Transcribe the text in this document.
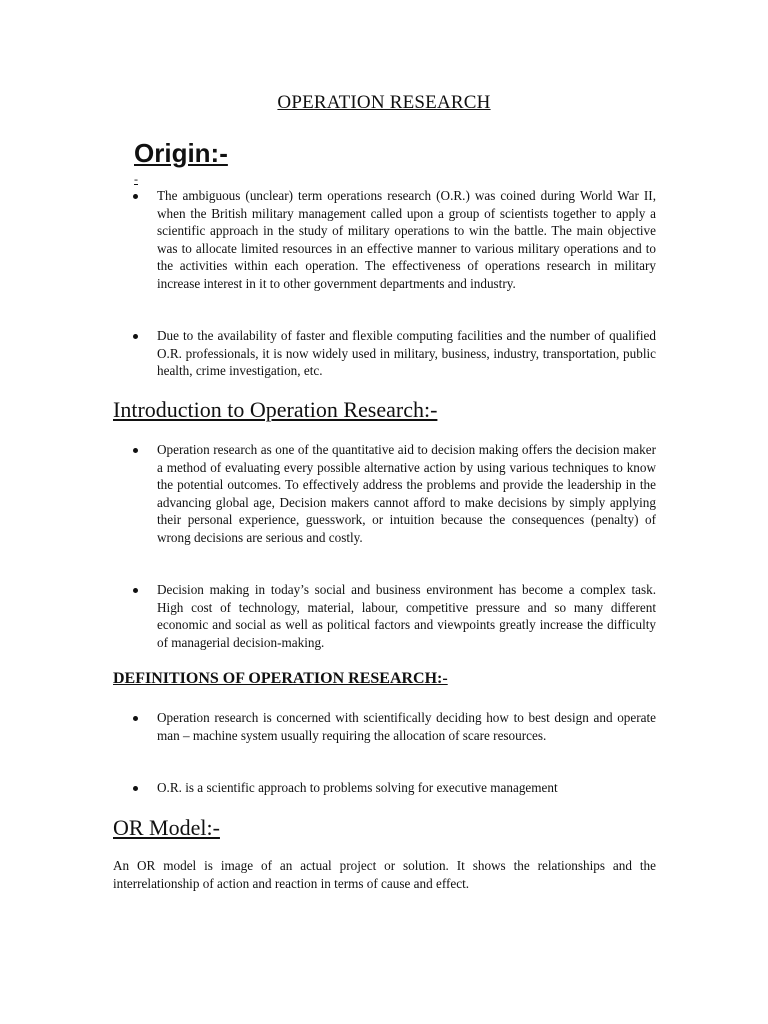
OPERATION RESEARCH
Origin:-
-
The ambiguous (unclear) term operations research (O.R.) was coined during World War II, when the British military management called upon a group of scientists together to apply a scientific approach in the study of military operations to win the battle. The main objective was to allocate limited resources in an effective manner to various military operations and to the activities within each operation. The effectiveness of operations research in military increase interest in it to other government departments and industry.
Due to the availability of faster and flexible computing facilities and the number of qualified O.R. professionals, it is now widely used in military, business, industry, transportation, public health, crime investigation, etc.
Introduction to Operation Research:-
Operation research as one of the quantitative aid to decision making offers the decision maker a method of evaluating every possible alternative action by using various techniques to know the potential outcomes. To effectively address the problems and provide the leadership in the advancing global age, Decision makers cannot afford to make decisions by simply applying their personal experience, guesswork, or intuition because the consequences (penalty) of wrong decisions are serious and costly.
Decision making in today’s social and business environment has become a complex task. High cost of technology, material, labour, competitive pressure and so many different economic and social as well as political factors and viewpoints greatly increase the difficulty of managerial decision-making.
DEFINITIONS OF OPERATION RESEARCH:-
Operation research is concerned with scientifically deciding how to best design and operate man – machine system usually requiring the allocation of scare resources.
O.R. is a scientific approach to problems solving for executive management
OR Model:-

An OR model is image of an actual project or solution. It shows the relationships and the interrelationship of action and reaction in terms of cause and effect.
